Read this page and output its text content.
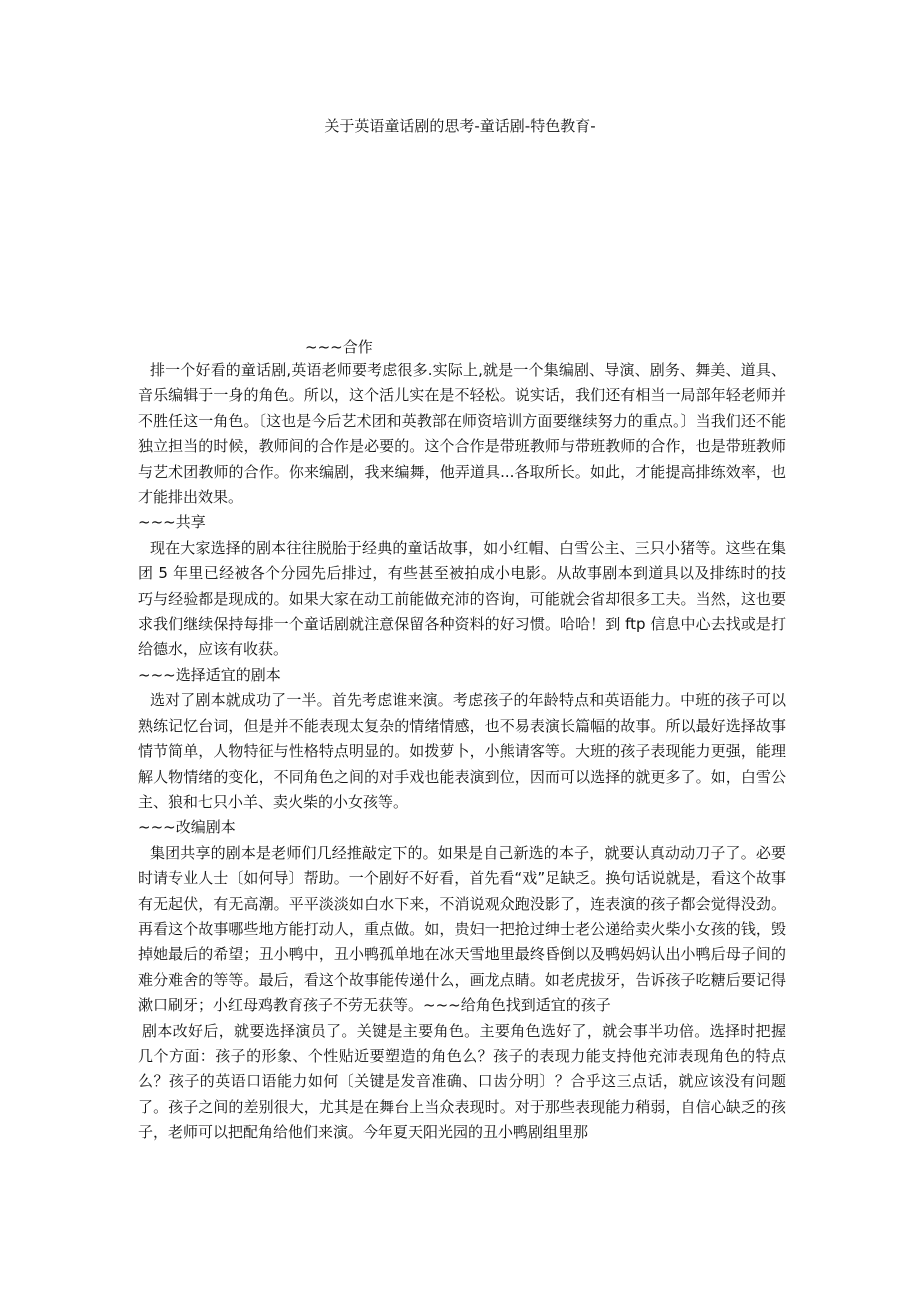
关于英语童话剧的思考-童话剧-特色教育-
~~~合作

排一个好看的童话剧,英语老师要考虑很多.实际上,就是一个集编剧、导演、剧务、舞美、道具、音乐编辑于一身的角色。所以，这个活儿实在是不轻松。说实话，我们还有相当一局部年轻老师并不胜任这一角色。〔这也是今后艺术团和英教部在师资培训方面要继续努力的重点。〕当我们还不能独立担当的时候，教师间的合作是必要的。这个合作是带班教师与带班教师的合作，也是带班教师与艺术团教师的合作。你来编剧，我来编舞，他弄道具...各取所长。如此，才能提高排练效率，也才能排出效果。

~~~共享

现在大家选择的剧本往往脱胎于经典的童话故事，如小红帽、白雪公主、三只小猪等。这些在集团 5 年里已经被各个分园先后排过，有些甚至被拍成小电影。从故事剧本到道具以及排练时的技巧与经验都是现成的。如果大家在动工前能做充沛的咨询，可能就会省却很多工夫。当然，这也要求我们继续保持每排一个童话剧就注意保留各种资料的好习惯。哈哈！到 ftp 信息中心去找或是打 给德水，应该有收获。

~~~选择适宜的剧本

选对了剧本就成功了一半。首先考虑谁来演。考虑孩子的年龄特点和英语能力。中班的孩子可以熟练记忆台词，但是并不能表现太复杂的情绪情感，也不易表演长篇幅的故事。所以最好选择故事情节简单，人物特征与性格特点明显的。如拨萝卜，小熊请客等。大班的孩子表现能力更强，能理解人物情绪的变化，不同角色之间的对手戏也能表演到位，因而可以选择的就更多了。如，白雪公主、狼和七只小羊、卖火柴的小女孩等。

~~~改编剧本

集团共享的剧本是老师们几经推敲定下的。如果是自己新选的本子，就要认真动动刀子了。必要时请专业人士〔如何导〕帮助。一个剧好不好看，首先看“戏”足缺乏。换句话说就是，看这个故事有无起伏，有无高潮。平平淡淡如白水下来，不消说观众跑没影了，连表演的孩子都会觉得没劲。再看这个故事哪些地方能打动人，重点做。如，贵妇一把抢过绅士老公递给卖火柴小女孩的钱，毁掉她最后的希望；丑小鸭中，丑小鸭孤单地在冰天雪地里最终昏倒以及鸭妈妈认出小鸭后母子间的难分难舍的等等。最后，看这个故事能传递什么，画龙点睛。如老虎拔牙，告诉孩子吃糖后要记得漱口刷牙；小红母鸡教育孩子不劳无获等。~~~给角色找到适宜的孩子

剧本改好后，就要选择演员了。关键是主要角色。主要角色选好了，就会事半功倍。选择时把握几个方面：孩子的形象、个性贴近要塑造的角色么？孩子的表现力能支持他充沛表现角色的特点么？孩子的英语口语能力如何〔关键是发音准确、口齿分明〕？合乎这三点话，就应该没有问题了。孩子之间的差别很大，尤其是在舞台上当众表现时。对于那些表现能力稍弱，自信心缺乏的孩子，老师可以把配角给他们来演。今年夏天阳光园的丑小鸭剧组里那
